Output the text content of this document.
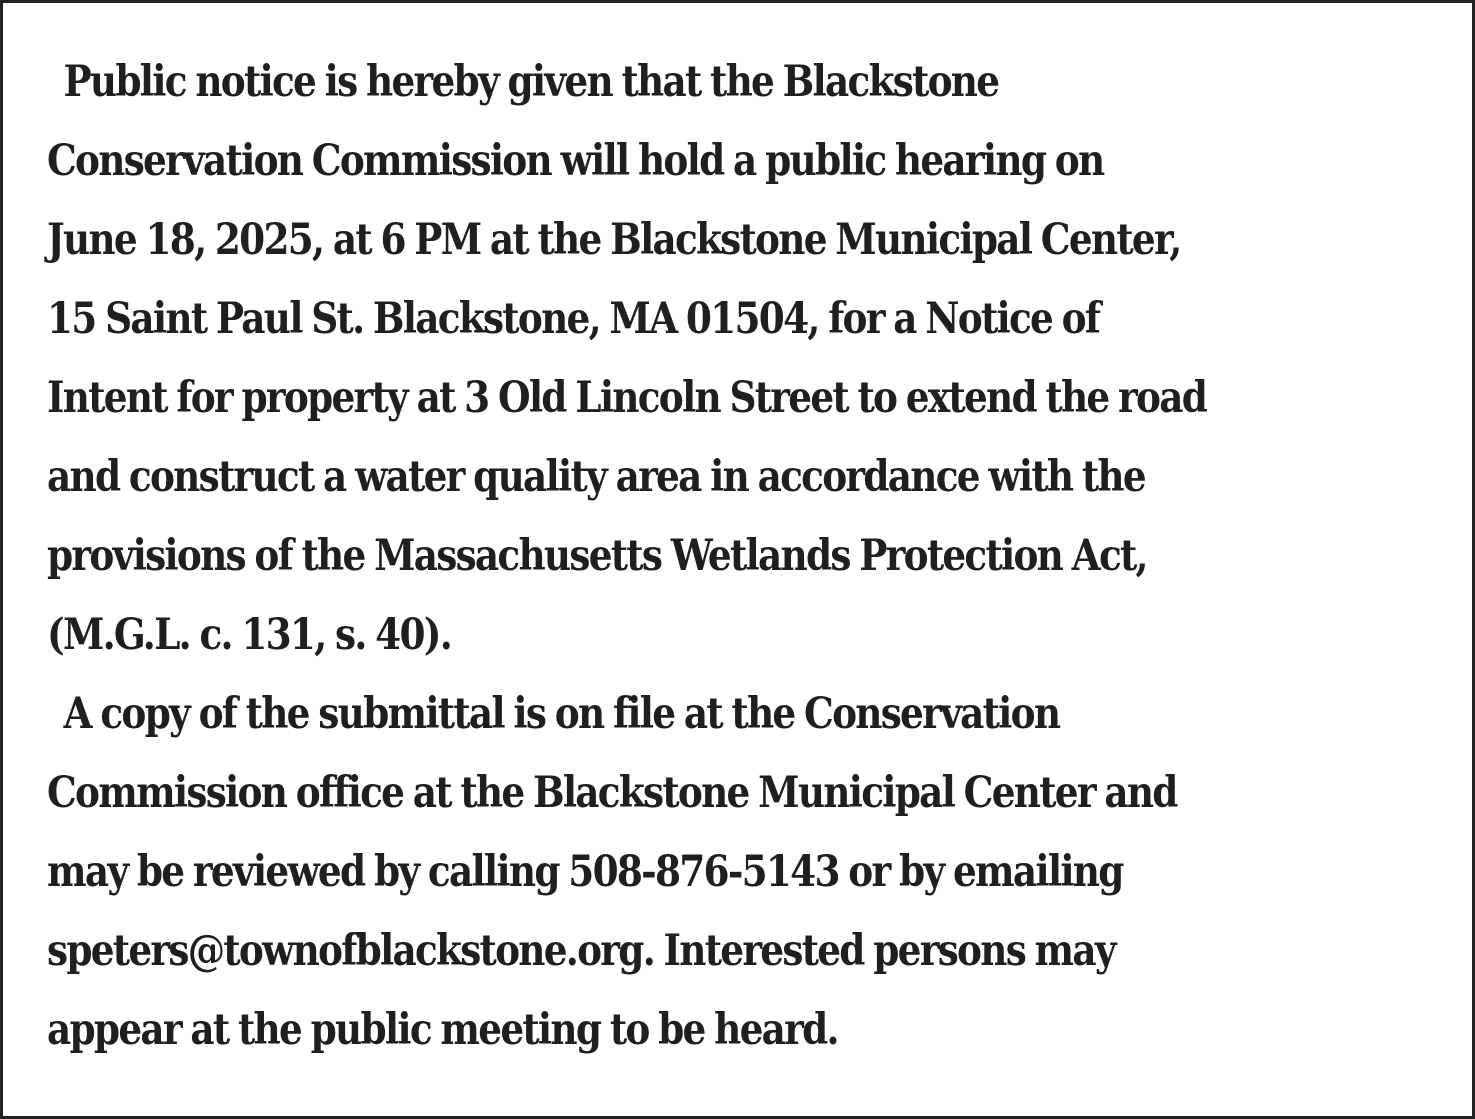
Public notice is hereby given that the Blackstone
Conservation Commission will hold a public hearing on
June 18, 2025, at 6 PM at the Blackstone Municipal Center,
15 Saint Paul St. Blackstone, MA 01504, for a Notice of
Intent for property at 3 Old Lincoln Street to extend the road
and construct a water quality area in accordance with the
provisions of the Massachusetts Wetlands Protection Act,
(M.G.L. c. 131, s. 40).
A copy of the submittal is on file at the Conservation
Commission office at the Blackstone Municipal Center and
may be reviewed by calling 508-876-5143 or by emailing
speters@townofblackstone.org. Interested persons may
appear at the public meeting to be heard.
